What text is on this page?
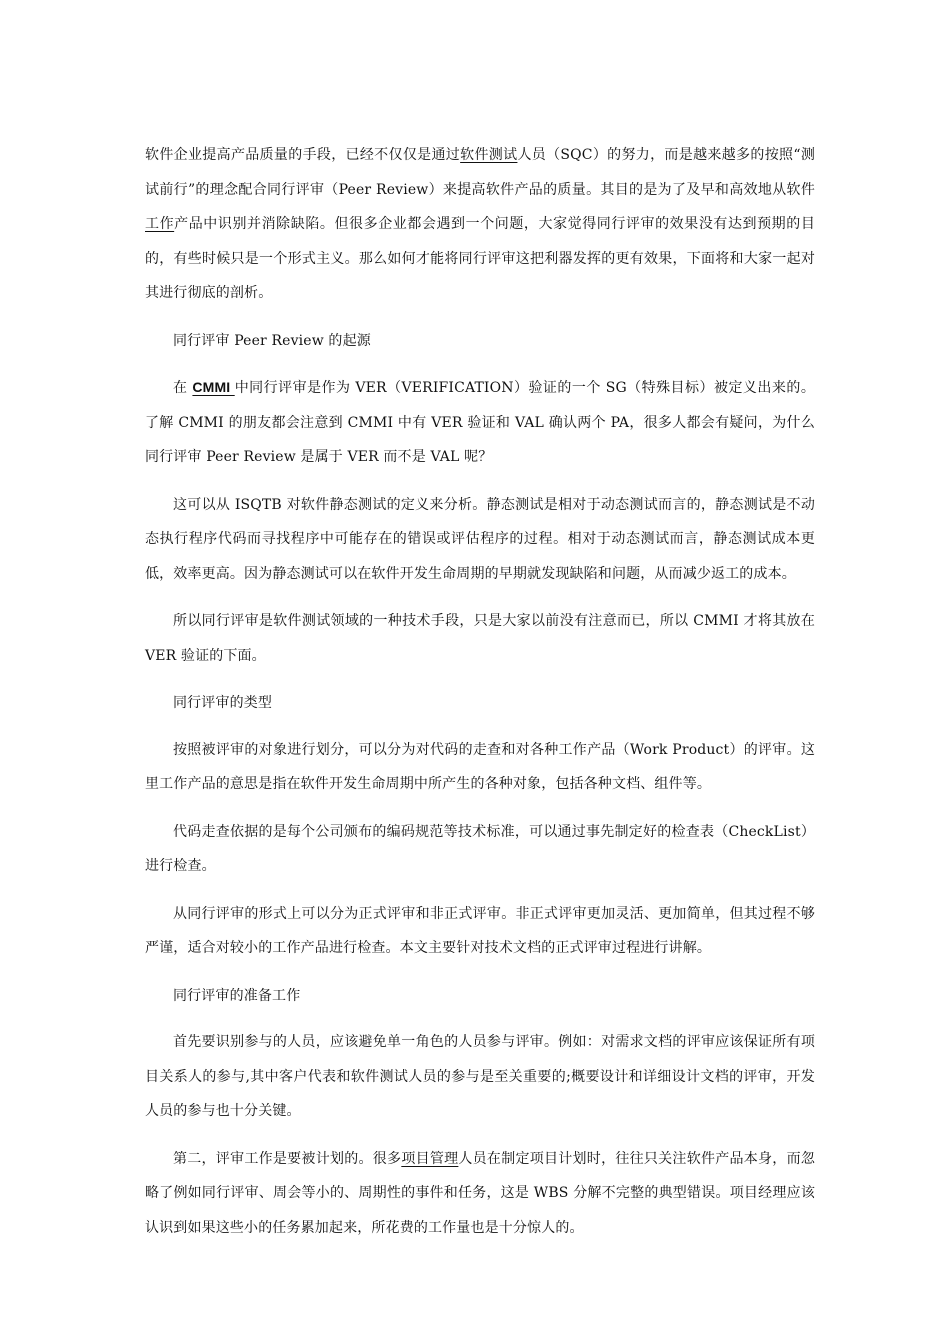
软件企业提高产品质量的手段，已经不仅仅是通过软件测试人员（SQC）的努力，而是越来越多的按照“测试前行”的理念配合同行评审（Peer Review）来提高软件产品的质量。其目的是为了及早和高效地从软件工作产品中识别并消除缺陷。但很多企业都会遇到一个问题，大家觉得同行评审的效果没有达到预期的目的，有些时候只是一个形式主义。那么如何才能将同行评审这把利器发挥的更有效果，下面将和大家一起对其进行彻底的剖析。

同行评审 Peer Review 的起源

在 CMMI 中同行评审是作为 VER（VERIFICATION）验证的一个 SG（特殊目标）被定义出来的。了解 CMMI 的朋友都会注意到 CMMI 中有 VER 验证和 VAL 确认两个 PA，很多人都会有疑问，为什么同行评审 Peer Review 是属于 VER 而不是 VAL 呢？

这可以从 ISQTB 对软件静态测试的定义来分析。静态测试是相对于动态测试而言的，静态测试是不动态执行程序代码而寻找程序中可能存在的错误或评估程序的过程。相对于动态测试而言，静态测试成本更低，效率更高。因为静态测试可以在软件开发生命周期的早期就发现缺陷和问题，从而减少返工的成本。

所以同行评审是软件测试领域的一种技术手段，只是大家以前没有注意而已，所以 CMMI 才将其放在 VER 验证的下面。

同行评审的类型

按照被评审的对象进行划分，可以分为对代码的走查和对各种工作产品（Work Product）的评审。这里工作产品的意思是指在软件开发生命周期中所产生的各种对象，包括各种文档、组件等。

代码走查依据的是每个公司颁布的编码规范等技术标准，可以通过事先制定好的检查表（CheckList）进行检查。

从同行评审的形式上可以分为正式评审和非正式评审。非正式评审更加灵活、更加简单，但其过程不够严谨，适合对较小的工作产品进行检查。本文主要针对技术文档的正式评审过程进行讲解。

同行评审的准备工作

首先要识别参与的人员，应该避免单一角色的人员参与评审。例如：对需求文档的评审应该保证所有项目关系人的参与,其中客户代表和软件测试人员的参与是至关重要的;概要设计和详细设计文档的评审，开发人员的参与也十分关键。

第二，评审工作是要被计划的。很多项目管理人员在制定项目计划时，往往只关注软件产品本身，而忽略了例如同行评审、周会等小的、周期性的事件和任务，这是 WBS 分解不完整的典型错误。项目经理应该认识到如果这些小的任务累加起来，所花费的工作量也是十分惊人的。
